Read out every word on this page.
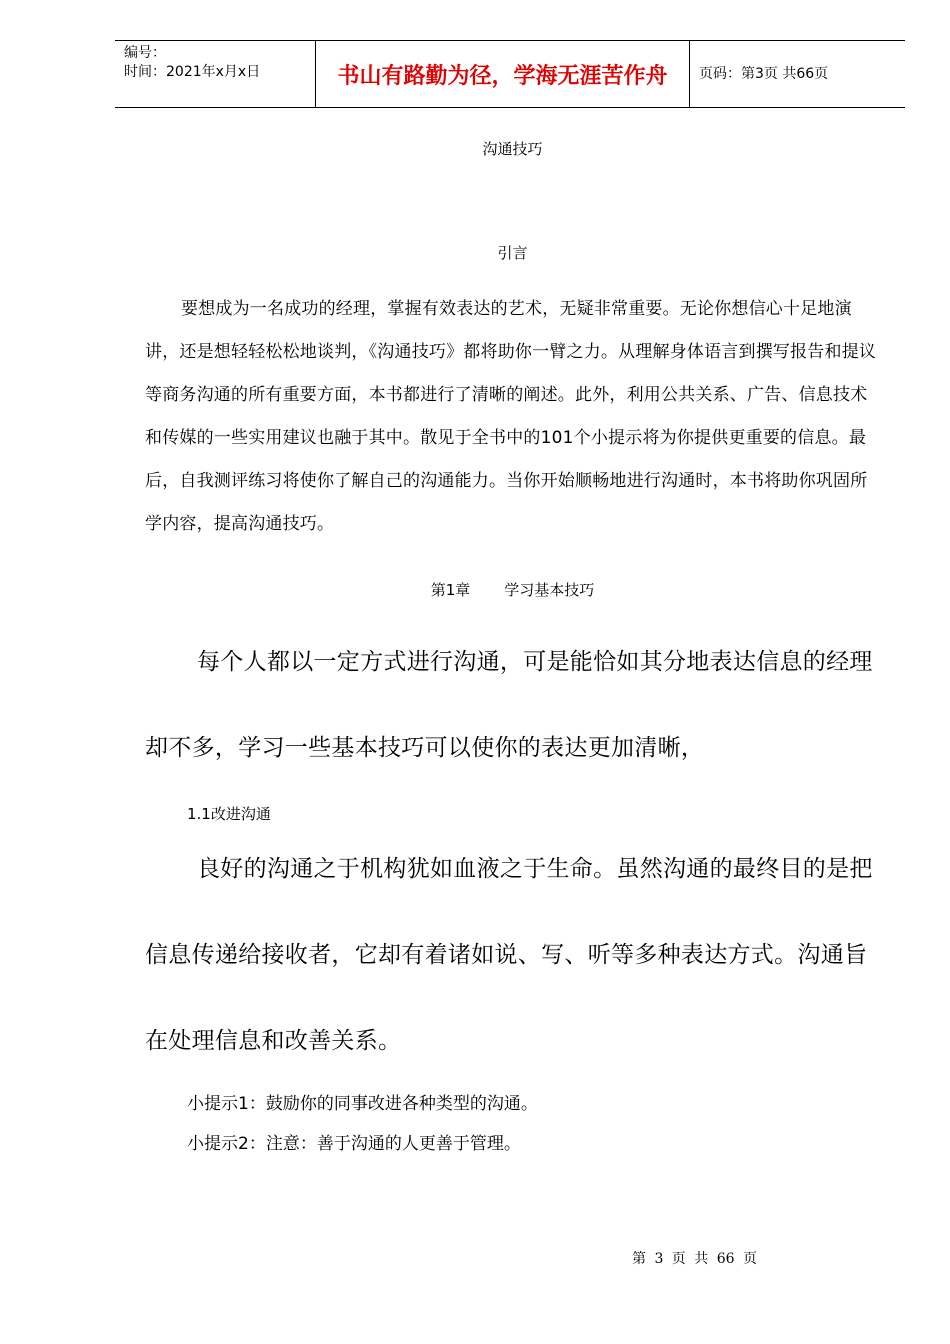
编号：
时间：2021年x月x日	书山有路勤为径，学海无涯苦作舟	页码：第3页 共66页
沟通技巧
引言

要想成为一名成功的经理，掌握有效表达的艺术，无疑非常重要。无论你想信心十足地演讲，还是想轻轻松松地谈判，《沟通技巧》都将助你一臂之力。从理解身体语言到撰写报告和提议等商务沟通的所有重要方面，本书都进行了清晰的阐述。此外，利用公共关系、广告、信息技术和传媒的一些实用建议也融于其中。散见于全书中的101个小提示将为你提供更重要的信息。最后，自我测评练习将使你了解自己的沟通能力。当你开始顺畅地进行沟通时，本书将助你巩固所学内容，提高沟通技巧。

第1章 学习基本技巧

每个人都以一定方式进行沟通，可是能恰如其分地表达信息的经理却不多，学习一些基本技巧可以使你的表达更加清晰，

1.1改进沟通

良好的沟通之于机构犹如血液之于生命。虽然沟通的最终目的是把信息传递给接收者，它却有着诸如说、写、听等多种表达方式。沟通旨在处理信息和改善关系。

小提示1：鼓励你的同事改进各种类型的沟通。
小提示2：注意：善于沟通的人更善于管理。
第 3 页 共 66 页
